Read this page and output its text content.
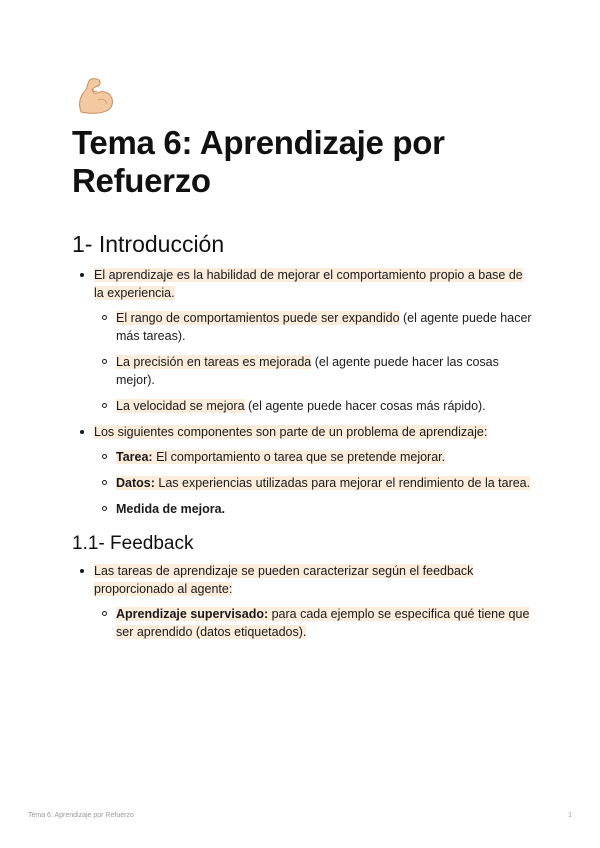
Tema 6: Aprendizaje por Refuerzo
1- Introducción
El aprendizaje es la habilidad de mejorar el comportamiento propio a base de la experiencia.
El rango de comportamientos puede ser expandido (el agente puede hacer más tareas).
La precisión en tareas es mejorada (el agente puede hacer las cosas mejor).
La velocidad se mejora (el agente puede hacer cosas más rápido).
Los siguientes componentes son parte de un problema de aprendizaje:
Tarea: El comportamiento o tarea que se pretende mejorar.
Datos: Las experiencias utilizadas para mejorar el rendimiento de la tarea.
Medida de mejora.
1.1- Feedback
Las tareas de aprendizaje se pueden caracterizar según el feedback proporcionado al agente:
Aprendizaje supervisado: para cada ejemplo se especifica qué tiene que ser aprendido (datos etiquetados).
Tema 6: Aprendizaje por Refuerzo	1
